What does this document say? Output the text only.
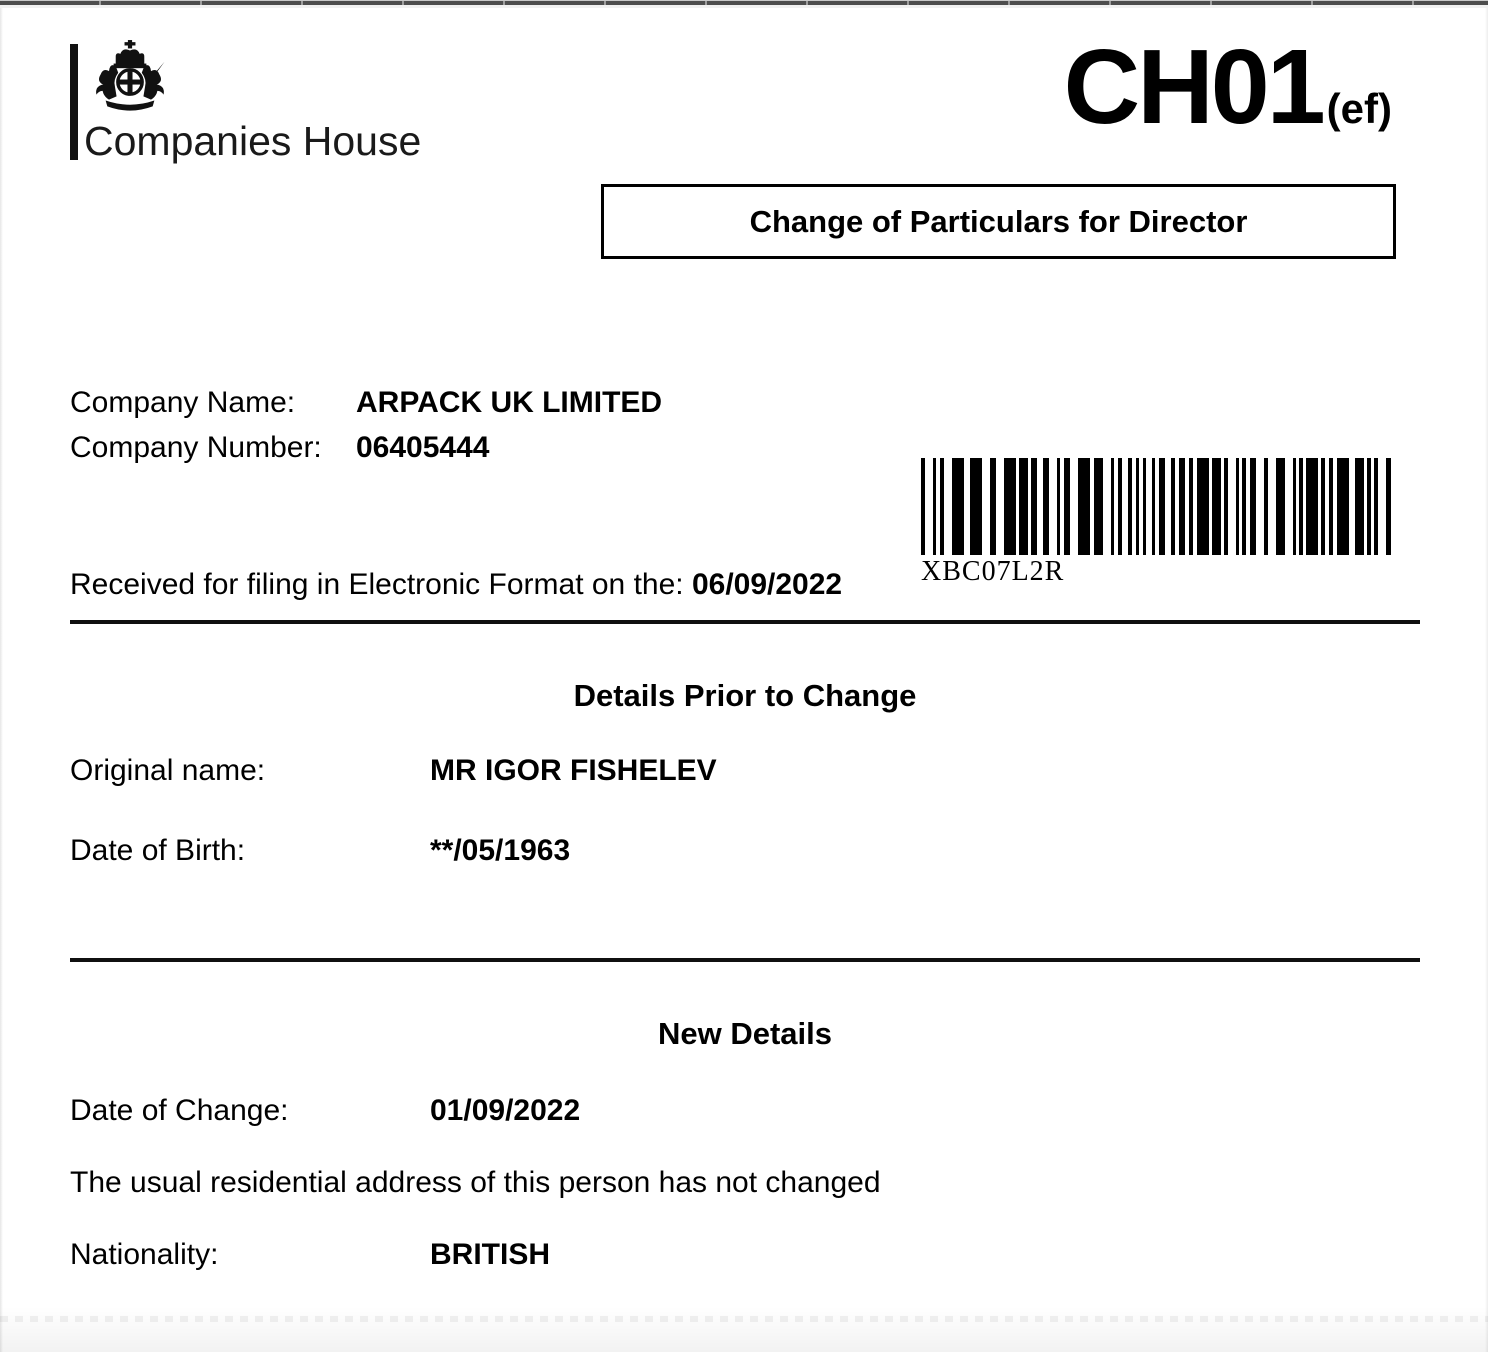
Companies House	CH01(ef)
Change of Particulars for Director
Company Name: ARPACK UK LIMITED
Company Number: 06405444
XBC07L2R
Received for filing in Electronic Format on the: 06/09/2022
Details Prior to Change
Original name:	MR IGOR FISHELEV
Date of Birth:	**/05/1963
New Details
Date of Change:	01/09/2022
The usual residential address of this person has not changed
Nationality:	BRITISH
